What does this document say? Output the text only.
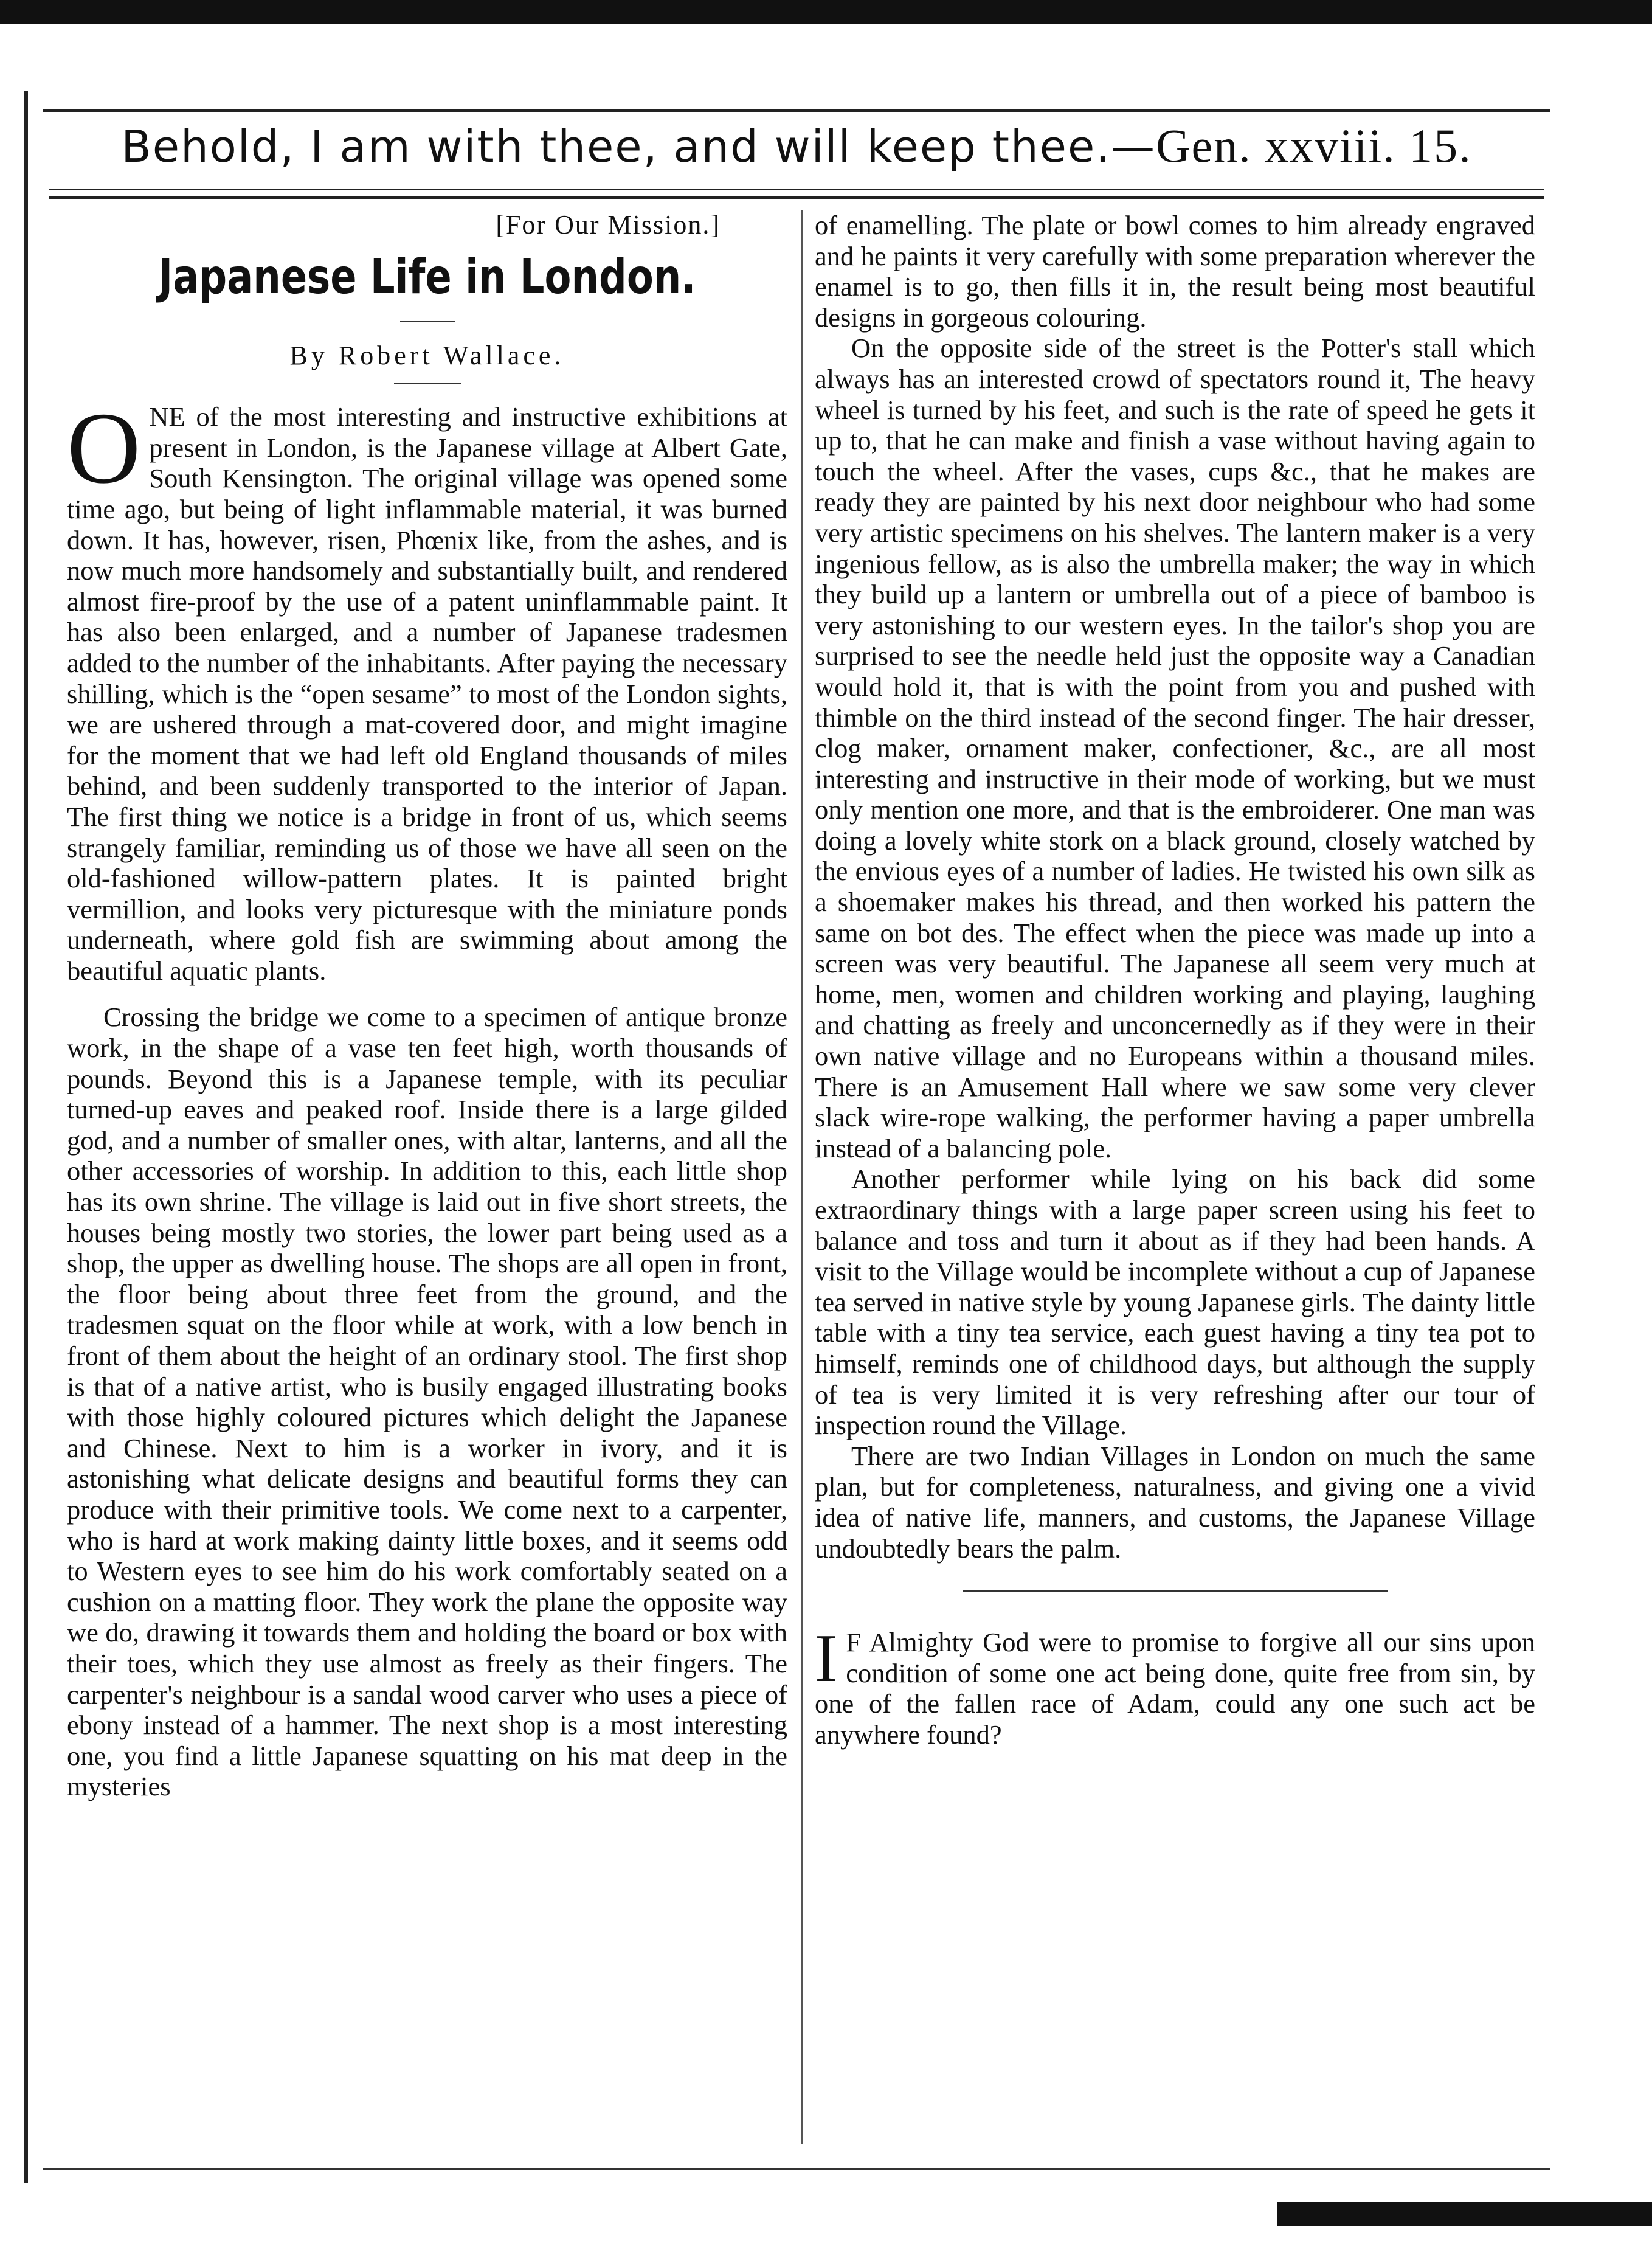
Behold, I am with thee, and will keep thee.—Gen. xxviii. 15.
[For Our Mission.]
Japanese Life in London.
By Robert Wallace.

ONE of the most interesting and instructive exhibitions at present in London, is the Japanese village at Albert Gate, South Kensington. The original village was opened some time ago, but being of light inflammable material, it was burned down. It has, however, risen, Phœnix like, from the ashes, and is now much more handsomely and substantially built, and rendered almost fire-proof by the use of a patent uninflammable paint. It has also been enlarged, and a number of Japanese tradesmen added to the number of the inhabitants. After paying the necessary shilling, which is the “open sesame” to most of the London sights, we are ushered through a mat-covered door, and might imagine for the moment that we had left old England thousands of miles behind, and been suddenly transported to the interior of Japan. The first thing we notice is a bridge in front of us, which seems strangely familiar, reminding us of those we have all seen on the old-fashioned willow-pattern plates. It is painted bright vermillion, and looks very picturesque with the miniature ponds underneath, where gold fish are swimming about among the beautiful aquatic plants.

Crossing the bridge we come to a specimen of antique bronze work, in the shape of a vase ten feet high, worth thousands of pounds. Beyond this is a Japanese temple, with its peculiar turned-up eaves and peaked roof. Inside there is a large gilded god, and a number of smaller ones, with altar, lanterns, and all the other accessories of worship. In addition to this, each little shop has its own shrine. The village is laid out in five short streets, the houses being mostly two stories, the lower part being used as a shop, the upper as dwelling house. The shops are all open in front, the floor being about three feet from the ground, and the tradesmen squat on the floor while at work, with a low bench in front of them about the height of an ordinary stool. The first shop is that of a native artist, who is busily engaged illustrating books with those highly coloured pictures which delight the Japanese and Chinese. Next to him is a worker in ivory, and it is astonishing what delicate designs and beautiful forms they can produce with their primitive tools. We come next to a carpenter, who is hard at work making dainty little boxes, and it seems odd to Western eyes to see him do his work comfortably seated on a cushion on a matting floor. They work the plane the opposite way we do, drawing it towards them and holding the board or box with their toes, which they use almost as freely as their fingers. The carpenter's neighbour is a sandal wood carver who uses a piece of ebony instead of a hammer. The next shop is a most interesting one, you find a little Japanese squatting on his mat deep in the mysteries

of enamelling. The plate or bowl comes to him already engraved and he paints it very carefully with some preparation wherever the enamel is to go, then fills it in, the result being most beautiful designs in gorgeous colouring.

On the opposite side of the street is the Potter's stall which always has an interested crowd of spectators round it, The heavy wheel is turned by his feet, and such is the rate of speed he gets it up to, that he can make and finish a vase without having again to touch the wheel. After the vases, cups &c., that he makes are ready they are painted by his next door neighbour who had some very artistic specimens on his shelves. The lantern maker is a very ingenious fellow, as is also the umbrella maker; the way in which they build up a lantern or umbrella out of a piece of bamboo is very astonishing to our western eyes. In the tailor's shop you are surprised to see the needle held just the opposite way a Canadian would hold it, that is with the point from you and pushed with thimble on the third instead of the second finger. The hair dresser, clog maker, ornament maker, confectioner, &c., are all most interesting and instructive in their mode of working, but we must only mention one more, and that is the embroiderer. One man was doing a lovely white stork on a black ground, closely watched by the envious eyes of a number of ladies. He twisted his own silk as a shoemaker makes his thread, and then worked his pattern the same on bot des. The effect when the piece was made up into a screen was very beautiful. The Japanese all seem very much at home, men, women and children working and playing, laughing and chatting as freely and unconcernedly as if they were in their own native village and no Europeans within a thousand miles. There is an Amusement Hall where we saw some very clever slack wire-rope walking, the performer having a paper umbrella instead of a balancing pole.

Another performer while lying on his back did some extraordinary things with a large paper screen using his feet to balance and toss and turn it about as if they had been hands. A visit to the Village would be incomplete without a cup of Japanese tea served in native style by young Japanese girls. The dainty little table with a tiny tea service, each guest having a tiny tea pot to himself, reminds one of childhood days, but although the supply of tea is very limited it is very refreshing after our tour of inspection round the Village.

There are two Indian Villages in London on much the same plan, but for completeness, naturalness, and giving one a vivid idea of native life, manners, and customs, the Japanese Village undoubtedly bears the palm.

I F Almighty God were to promise to forgive all our sins upon condition of some one act being done, quite free from sin, by one of the fallen race of Adam, could any one such act be anywhere found?
